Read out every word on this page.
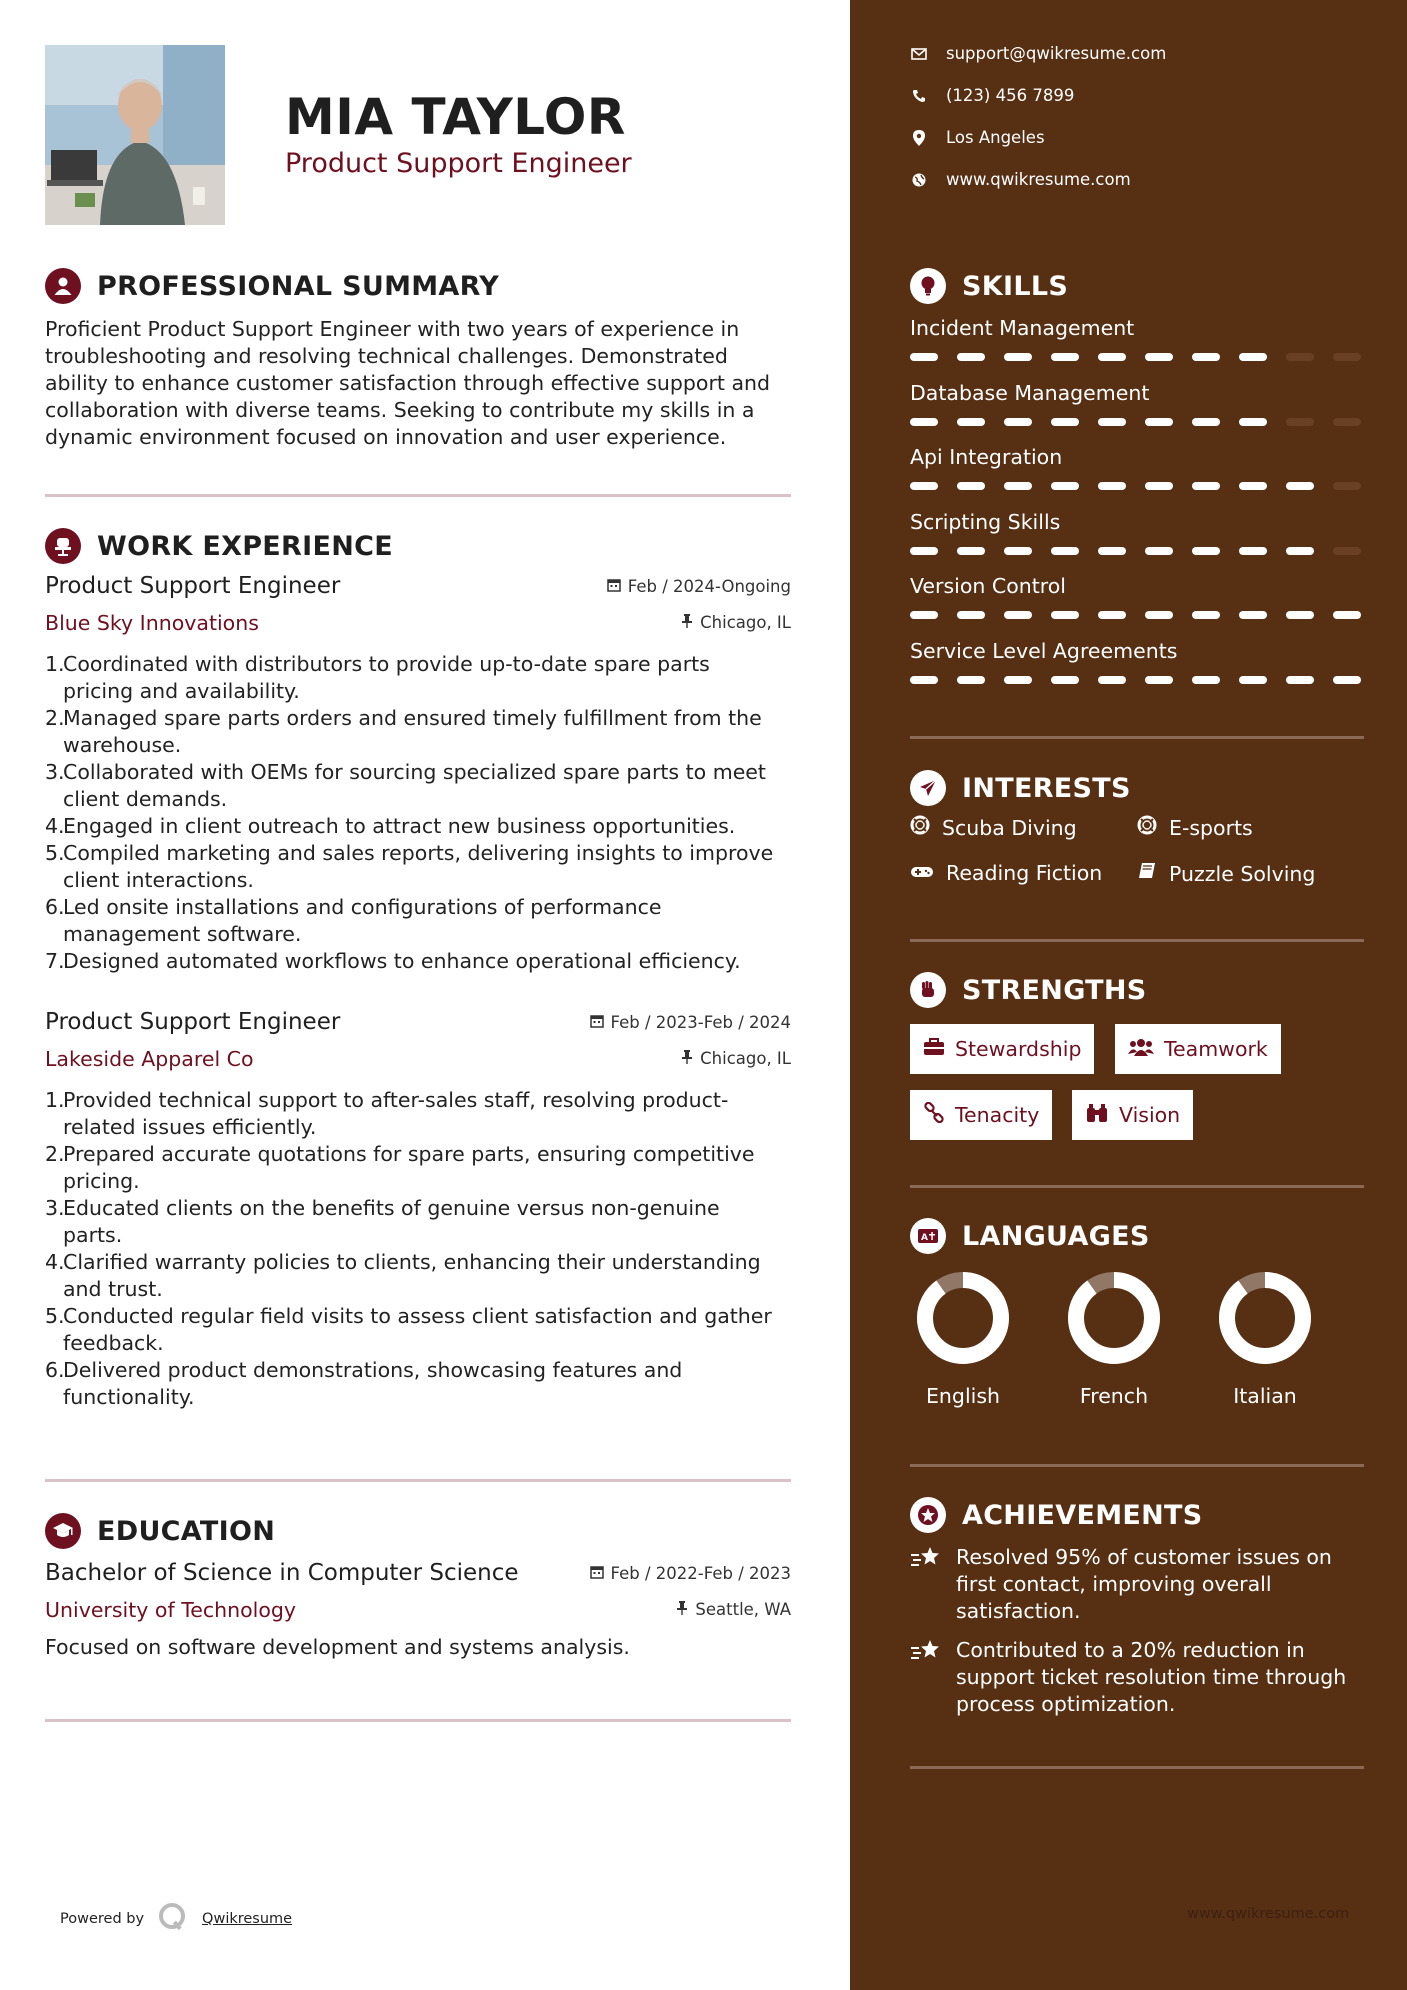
MIA TAYLOR
Product Support Engineer
PROFESSIONAL SUMMARY
Proficient Product Support Engineer with two years of experience in
troubleshooting and resolving technical challenges. Demonstrated
ability to enhance customer satisfaction through effective support and
collaboration with diverse teams. Seeking to contribute my skills in a
dynamic environment focused on innovation and user experience.
WORK EXPERIENCE
Product Support Engineer	Feb / 2024-Ongoing
Blue Sky Innovations	Chicago, IL
1.
Coordinated with distributors to provide up-to-date spare parts
pricing and availability.
2.
Managed spare parts orders and ensured timely fulfillment from the
warehouse.
3.
Collaborated with OEMs for sourcing specialized spare parts to meet
client demands.
4.
Engaged in client outreach to attract new business opportunities.
5.
Compiled marketing and sales reports, delivering insights to improve
client interactions.
6.
Led onsite installations and configurations of performance
management software.
7.
Designed automated workflows to enhance operational efficiency.
Product Support Engineer	Feb / 2023-Feb / 2024
Lakeside Apparel Co	Chicago, IL
1.
Provided technical support to after-sales staff, resolving product-
related issues efficiently.
2.
Prepared accurate quotations for spare parts, ensuring competitive
pricing.
3.
Educated clients on the benefits of genuine versus non-genuine
parts.
4.
Clarified warranty policies to clients, enhancing their understanding
and trust.
5.
Conducted regular field visits to assess client satisfaction and gather
feedback.
6.
Delivered product demonstrations, showcasing features and
functionality.
EDUCATION
Bachelor of Science in Computer Science	Feb / 2022-Feb / 2023
University of Technology	Seattle, WA
Focused on software development and systems analysis.
Powered by	Qwikresume
support@qwikresume.com
(123) 456 7899
Los Angeles
www.qwikresume.com
SKILLS
Incident Management
Database Management
Api Integration
Scripting Skills
Version Control
Service Level Agreements
INTERESTS
Scuba Diving	E-sports
Reading Fiction	Puzzle Solving
STRENGTHS
Stewardship	Teamwork
Tenacity	Vision
A LANGUAGES
English	French	Italian
ACHIEVEMENTS
Resolved 95% of customer issues on
first contact, improving overall
satisfaction.
Contributed to a 20% reduction in
support ticket resolution time through
process optimization.
www.qwikresume.com
